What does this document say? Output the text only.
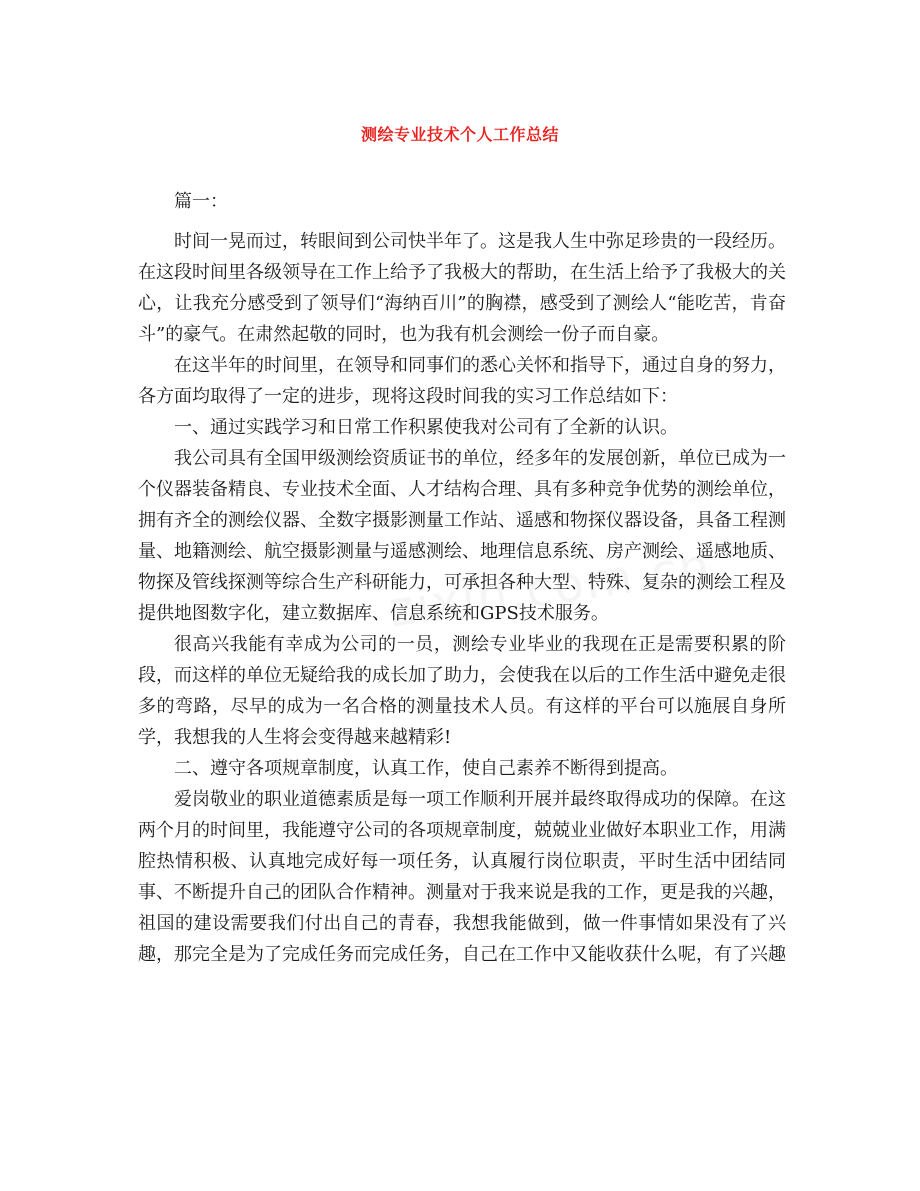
测绘专业技术个人工作总结

篇一：

时间一晃而过，转眼间到公司快半年了。这是我人生中弥足珍贵的一段经历。在这段时间里各级领导在工作上给予了我极大的帮助，在生活上给予了我极大的关心，让我充分感受到了领导们“海纳百川”的胸襟，感受到了测绘人“能吃苦，肯奋斗”的豪气。在肃然起敬的同时，也为我有机会测绘一份子而自豪。

在这半年的时间里，在领导和同事们的悉心关怀和指导下，通过自身的努力，各方面均取得了一定的进步，现将这段时间我的实习工作总结如下：

一、通过实践学习和日常工作积累使我对公司有了全新的认识。

我公司具有全国甲级测绘资质证书的单位，经多年的发展创新，单位已成为一个仪器装备精良、专业技术全面、人才结构合理、具有多种竞争优势的测绘单位，拥有齐全的测绘仪器、全数字摄影测量工作站、遥感和物探仪器设备，具备工程测量、地籍测绘、航空摄影测量与遥感测绘、地理信息系统、房产测绘、遥感地质、物探及管线探测等综合生产科研能力，可承担各种大型、特殊、复杂的测绘工程及提供地图数字化，建立数据库、信息系统和GPS技术服务。

很高兴我能有幸成为公司的一员，测绘专业毕业的我现在正是需要积累的阶段，而这样的单位无疑给我的成长加了助力，会使我在以后的工作生活中避免走很多的弯路，尽早的成为一名合格的测量技术人员。有这样的平台可以施展自身所学，我想我的人生将会变得越来越精彩!

二、遵守各项规章制度，认真工作，使自己素养不断得到提高。

爱岗敬业的职业道德素质是每一项工作顺利开展并最终取得成功的保障。在这两个月的时间里，我能遵守公司的各项规章制度，兢兢业业做好本职业工作，用满腔热情积极、认真地完成好每一项任务，认真履行岗位职责，平时生活中团结同事、不断提升自己的团队合作精神。测量对于我来说是我的工作，更是我的兴趣，祖国的建设需要我们付出自己的青春，我想我能做到，做一件事情如果没有了兴趣，那完全是为了完成任务而完成任务，自己在工作中又能收获什么呢，有了兴趣
